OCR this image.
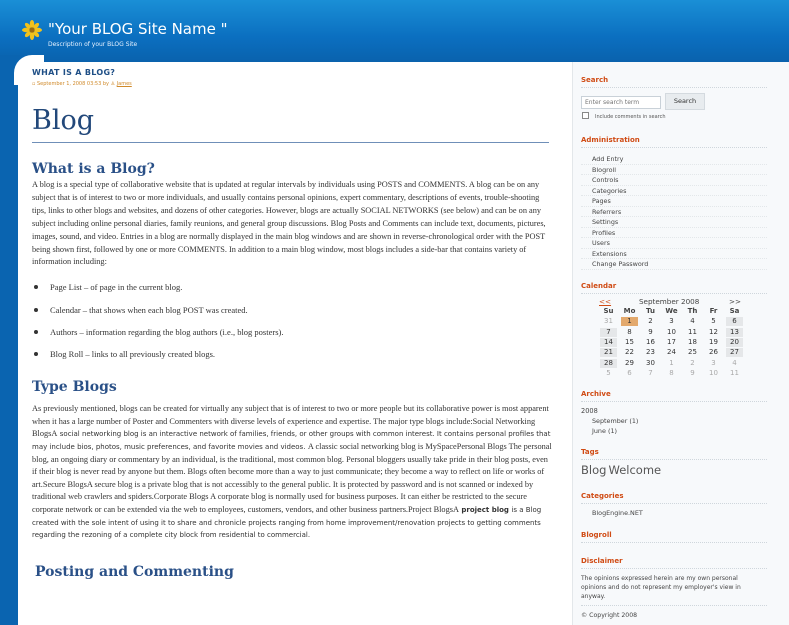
"Your BLOG Site Name "
Description of your BLOG Site
WHAT IS A BLOG?
▫ September 1, 2008 03:53 by ♙ James
Blog
What is a Blog?

A blog is a special type of collaborative website that is updated at regular intervals by individuals using POSTS and COMMENTS. A blog can be on any subject that is of interest to two or more individuals, and usually contains personal opinions, expert commentary, descriptions of events, trouble-shooting tips, links to other blogs and websites, and dozens of other categories. However, blogs are actually SOCIAL NETWORKS (see below) and can be on any subject including online personal diaries, family reunions, and general group discussions. Blog Posts and Comments can include text, documents, pictures, images, sound, and video. Entries in a blog are normally displayed in the main blog windows and are shown in reverse-chronological order with the POST being shown first, followed by one or more COMMENTS. In addition to a main blog window, most blogs includes a side-bar that contains variety of information including:

Page List – of page in the current blog.
Calendar – that shows when each blog POST was created.
Authors – information regarding the blog authors (i.e., blog posters).
Blog Roll – links to all previously created blogs.
Type Blogs

As previously mentioned, blogs can be created for virtually any subject that is of interest to two or more people but its collaborative power is most apparent when it has a large number of Poster and Commenters with diverse levels of experience and expertise. The major type blogs include:Social Networking BlogsA social networking blog is an interactive network of families, friends, or other groups with common interest. It contains personal profiles that may include bios, photos, music preferences, and favorite movies and videos. A classic social networking blog is MySpacePersonal Blogs The personal blog, an ongoing diary or commentary by an individual, is the traditional, most common blog. Personal bloggers usually take pride in their blog posts, even if their blog is never read by anyone but them. Blogs often become more than a way to just communicate; they become a way to reflect on life or works of art.Secure BlogsA secure blog is a private blog that is not accessibly to the general public. It is protected by password and is not scanned or indexed by traditional web crawlers and spiders.Corporate Blogs A corporate blog is normally used for business purposes. It can either be restricted to the secure corporate network or can be extended via the web to employees, customers, vendors, and other business partners.Project BlogsA project blog is a Blog created with the sole intent of using it to share and chronicle projects ranging from home improvement/renovation projects to getting comments regarding the rezoning of a complete city block from residential to commercial.

Posting and Commenting
Search
Enter search term
Search
Include comments in search
Administration
Add Entry
Blogroll
Controls
Categories
Pages
Referrers
Settings
Profiles
Users
Extensions
Change Password
Calendar
<<	September 2008	>>
Su	Mo	Tu	We	Th	Fr	Sa
31	1	2	3	4	5	6
7	8	9	10	11	12	13
14	15	16	17	18	19	20
21	22	23	24	25	26	27
28	29	30	1	2	3	4
5	6	7	8	9	10	11
Archive
2008
September (1)
June (1)
Tags
Blog Welcome
Categories
BlogEngine.NET
Blogroll
Disclaimer
The opinions expressed herein are my own personal opinions and do not represent my employer's view in anyway.
© Copyright 2008
